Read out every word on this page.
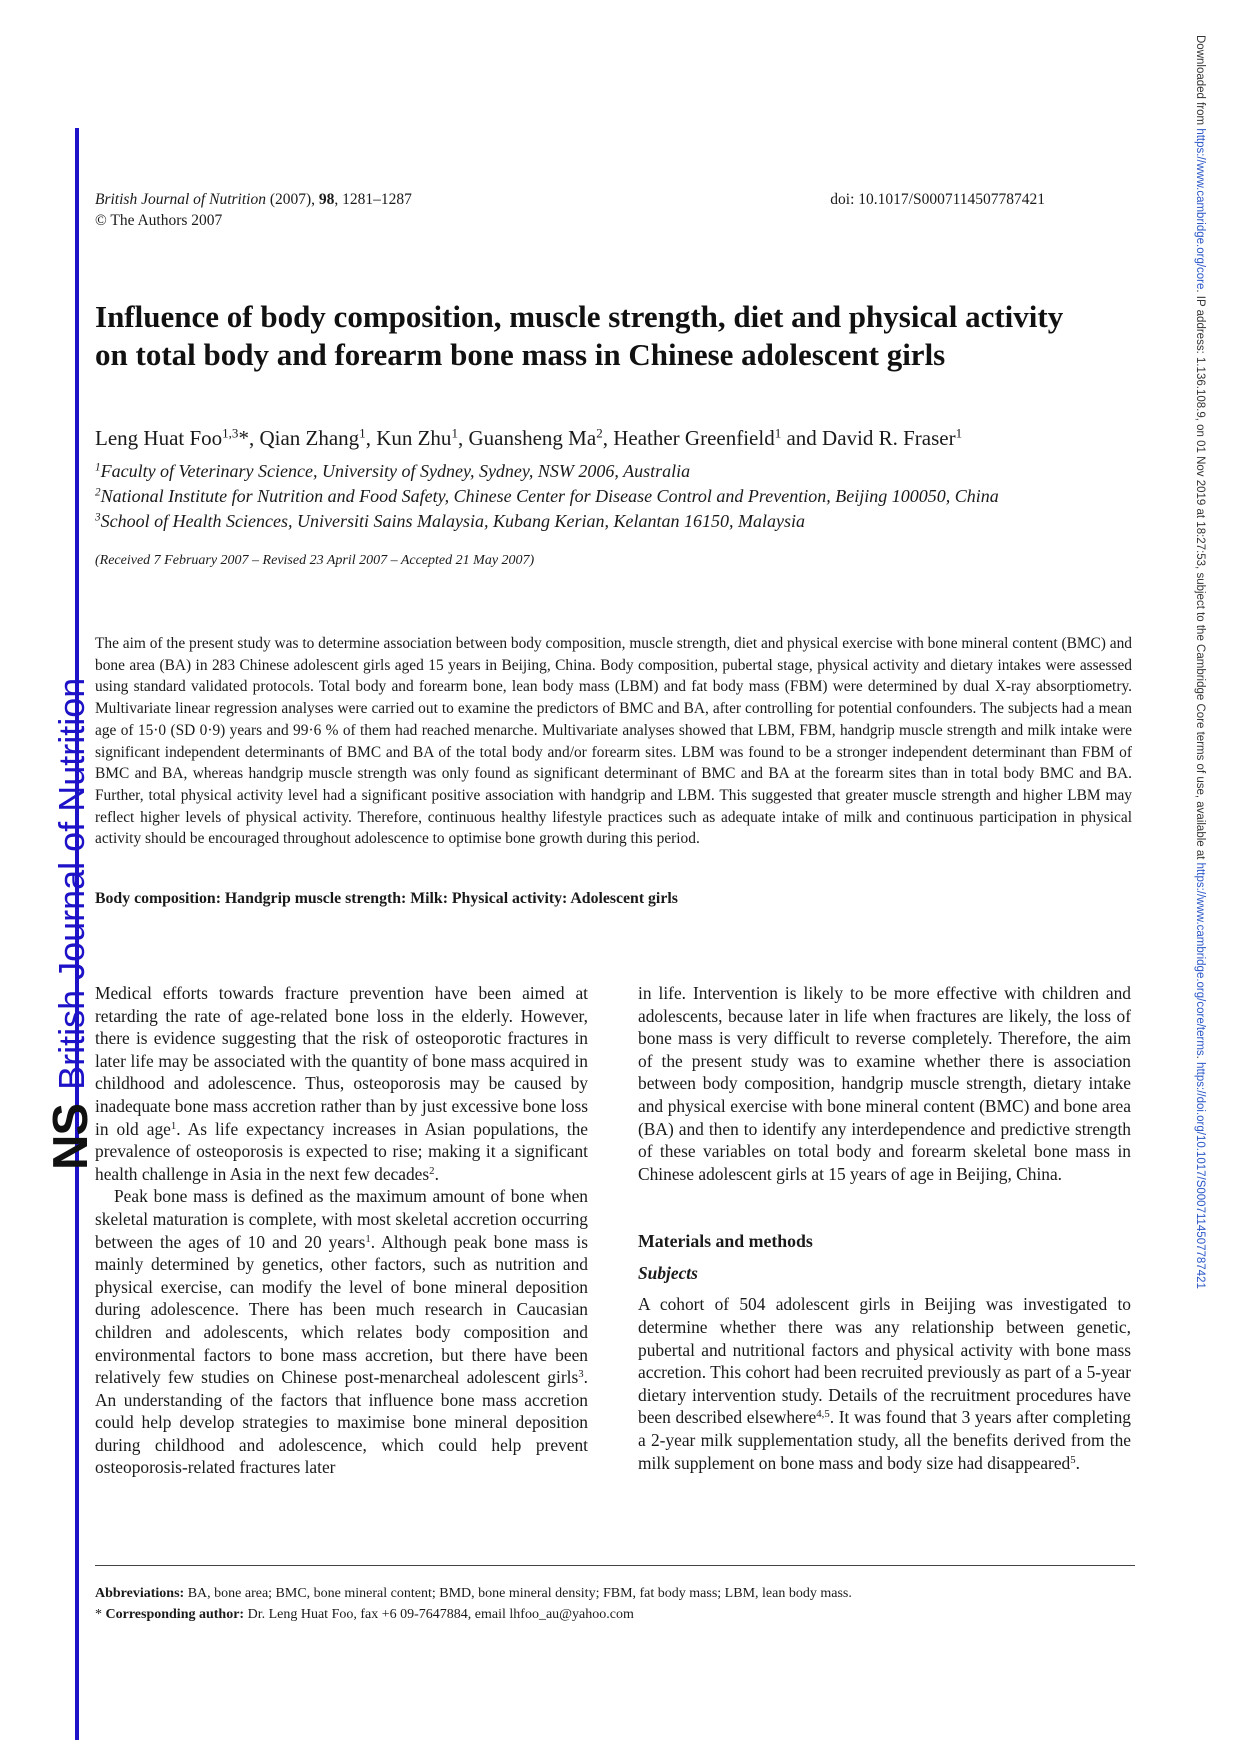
NS
British Journal of Nutrition
Downloaded from https://www.cambridge.org/core. IP address: 1.136.108.9, on 01 Nov 2019 at 18:27:53, subject to the Cambridge Core terms of use, available at https://www.cambridge.org/core/terms. https://doi.org/10.1017/S0007114507787421
British Journal of Nutrition (2007), 98, 1281–1287
© The Authors 2007
doi: 10.1017/S0007114507787421
Influence of body composition, muscle strength, diet and physical activity
on total body and forearm bone mass in Chinese adolescent girls
Leng Huat Foo$^{1,3}$*, Qian Zhang$^1$, Kun Zhu$^1$, Guansheng Ma$^2$, Heather Greenfield$^1$ and David R. Fraser$^1$
$^1$Faculty of Veterinary Science, University of Sydney, Sydney, NSW 2006, Australia
$^2$National Institute for Nutrition and Food Safety, Chinese Center for Disease Control and Prevention, Beijing 100050, China
$^3$School of Health Sciences, Universiti Sains Malaysia, Kubang Kerian, Kelantan 16150, Malaysia
(Received 7 February 2007 – Revised 23 April 2007 – Accepted 21 May 2007)

The aim of the present study was to determine association between body composition, muscle strength, diet and physical exercise with bone mineral content (BMC) and bone area (BA) in 283 Chinese adolescent girls aged 15 years in Beijing, China. Body composition, pubertal stage, physical activity and dietary intakes were assessed using standard validated protocols. Total body and forearm bone, lean body mass (LBM) and fat body mass (FBM) were determined by dual X-ray absorptiometry. Multivariate linear regression analyses were carried out to examine the predictors of BMC and BA, after controlling for potential confounders. The subjects had a mean age of 15·0 (SD 0·9) years and 99·6 % of them had reached menarche. Multivariate analyses showed that LBM, FBM, handgrip muscle strength and milk intake were significant independent determinants of BMC and BA of the total body and/or forearm sites. LBM was found to be a stronger independent determinant than FBM of BMC and BA, whereas handgrip muscle strength was only found as significant determinant of BMC and BA at the forearm sites than in total body BMC and BA. Further, total physical activity level had a significant positive association with handgrip and LBM. This suggested that greater muscle strength and higher LBM may reflect higher levels of physical activity. Therefore, continuous healthy lifestyle practices such as adequate intake of milk and continuous participation in physical activity should be encouraged throughout adolescence to optimise bone growth during this period.

Body composition: Handgrip muscle strength: Milk: Physical activity: Adolescent girls

Medical efforts towards fracture prevention have been aimed at retarding the rate of age-related bone loss in the elderly. However, there is evidence suggesting that the risk of osteoporotic fractures in later life may be associated with the quantity of bone mass acquired in childhood and adolescence. Thus, osteoporosis may be caused by inadequate bone mass accretion rather than by just excessive bone loss in old age$^1$. As life expectancy increases in Asian populations, the prevalence of osteoporosis is expected to rise; making it a significant health challenge in Asia in the next few decades$^2$.

Peak bone mass is defined as the maximum amount of bone when skeletal maturation is complete, with most skeletal accretion occurring between the ages of 10 and 20 years$^1$. Although peak bone mass is mainly determined by genetics, other factors, such as nutrition and physical exercise, can modify the level of bone mineral deposition during adolescence. There has been much research in Caucasian children and adolescents, which relates body composition and environmental factors to bone mass accretion, but there have been relatively few studies on Chinese post-menarcheal adolescent girls$^3$. An understanding of the factors that influence bone mass accretion could help develop strategies to maximise bone mineral deposition during childhood and adolescence, which could help prevent osteoporosis-related fractures later

in life. Intervention is likely to be more effective with children and adolescents, because later in life when fractures are likely, the loss of bone mass is very difficult to reverse completely. Therefore, the aim of the present study was to examine whether there is association between body composition, handgrip muscle strength, dietary intake and physical exercise with bone mineral content (BMC) and bone area (BA) and then to identify any interdependence and predictive strength of these variables on total body and forearm skeletal bone mass in Chinese adolescent girls at 15 years of age in Beijing, China.

Materials and methods
Subjects

A cohort of 504 adolescent girls in Beijing was investigated to determine whether there was any relationship between genetic, pubertal and nutritional factors and physical activity with bone mass accretion. This cohort had been recruited previously as part of a 5-year dietary intervention study. Details of the recruitment procedures have been described elsewhere$^{4,5}$. It was found that 3 years after completing a 2-year milk supplementation study, all the benefits derived from the milk supplement on bone mass and body size had disappeared$^5$.

Abbreviations: BA, bone area; BMC, bone mineral content; BMD, bone mineral density; FBM, fat body mass; LBM, lean body mass.
* Corresponding author: Dr. Leng Huat Foo, fax +6 09-7647884, email lhfoo_au@yahoo.com
